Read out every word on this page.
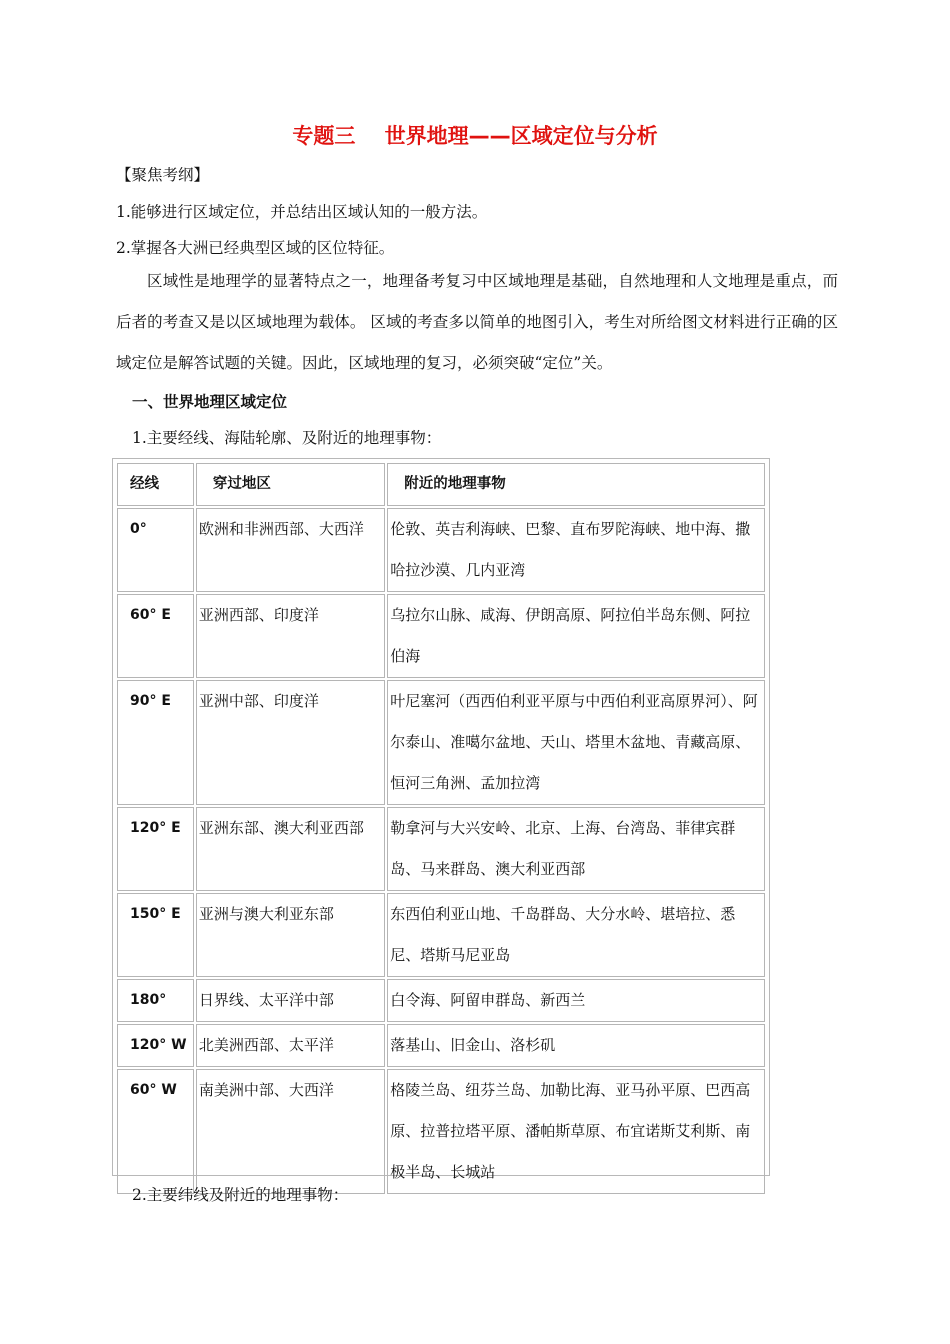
专题三    世界地理——区域定位与分析
【聚焦考纲】
1.能够进行区域定位，并总结出区域认知的一般方法。
2.掌握各大洲已经典型区域的区位特征。
区域性是地理学的显著特点之一，地理备考复习中区域地理是基础，自然地理和人文地理是重点，而后者的考查又是以区域地理为载体。 区域的考查多以简单的地图引入，考生对所给图文材料进行正确的区域定位是解答试题的关键。因此，区域地理的复习，必须突破“定位”关。
一、世界地理区域定位
1.主要经线、海陆轮廓、及附近的地理事物：
经线	穿过地区	附近的地理事物
0°	欧洲和非洲西部、大西洋	伦敦、英吉利海峡、巴黎、直布罗陀海峡、地中海、撒哈拉沙漠、几内亚湾
60° E	亚洲西部、印度洋	乌拉尔山脉、咸海、伊朗高原、阿拉伯半岛东侧、阿拉伯海
90° E	亚洲中部、印度洋	叶尼塞河（西西伯利亚平原与中西伯利亚高原界河）、阿尔泰山、准噶尔盆地、天山、塔里木盆地、青藏高原、恒河三角洲、孟加拉湾
120° E	亚洲东部、澳大利亚西部	勒拿河与大兴安岭、北京、上海、台湾岛、菲律宾群岛、马来群岛、澳大利亚西部
150° E	亚洲与澳大利亚东部	东西伯利亚山地、千岛群岛、大分水岭、堪培拉、悉尼、塔斯马尼亚岛
180°	日界线、太平洋中部	白令海、阿留申群岛、新西兰
120° W	北美洲西部、太平洋	落基山、旧金山、洛杉矶
60° W	南美洲中部、大西洋	格陵兰岛、纽芬兰岛、加勒比海、亚马孙平原、巴西高原、拉普拉塔平原、潘帕斯草原、布宜诺斯艾利斯、南极半岛、长城站
2.主要纬线及附近的地理事物：
